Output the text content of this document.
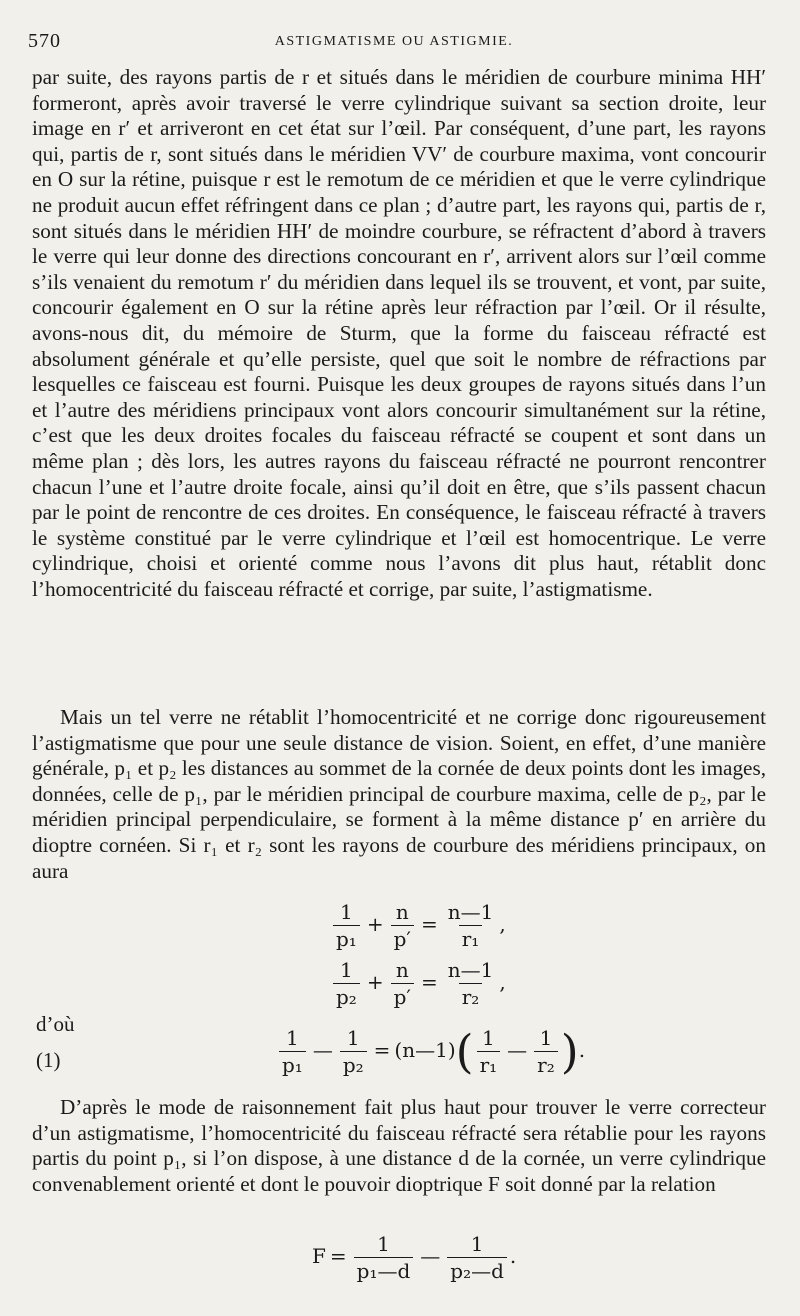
570	ASTIGMATISME OU ASTIGMIE.

par suite, des rayons partis de r et situés dans le méridien de courbure minima HH′ formeront, après avoir traversé le verre cylindrique suivant sa section droite, leur image en r′ et arriveront en cet état sur l’œil. Par conséquent, d’une part, les rayons qui, partis de r, sont situés dans le méridien VV′ de courbure maxima, vont concourir en O sur la rétine, puisque r est le remotum de ce méridien et que le verre cylindrique ne produit aucun effet réfringent dans ce plan ; d’autre part, les rayons qui, partis de r, sont situés dans le méridien HH′ de moindre courbure, se réfractent d’abord à travers le verre qui leur donne des directions concourant en r′, arrivent alors sur l’œil comme s’ils venaient du remotum r′ du méridien dans lequel ils se trouvent, et vont, par suite, concourir également en O sur la rétine après leur réfraction par l’œil. Or il résulte, avons-nous dit, du mémoire de Sturm, que la forme du faisceau réfracté est absolument générale et qu’elle persiste, quel que soit le nombre de réfractions par lesquelles ce faisceau est fourni. Puisque les deux groupes de rayons situés dans l’un et l’autre des méridiens principaux vont alors concourir simultanément sur la rétine, c’est que les deux droites focales du faisceau réfracté se coupent et sont dans un même plan ; dès lors, les autres rayons du faisceau réfracté ne pourront rencontrer chacun l’une et l’autre droite focale, ainsi qu’il doit en être, que s’ils passent chacun par le point de rencontre de ces droites. En conséquence, le faisceau réfracté à travers le système constitué par le verre cylindrique et l’œil est homocentrique. Le verre cylindrique, choisi et orienté comme nous l’avons dit plus haut, rétablit donc l’homocentricité du faisceau réfracté et corrige, par suite, l’astigmatisme.

Mais un tel verre ne rétablit l’homocentricité et ne corrige donc rigoureusement l’astigmatisme que pour une seule distance de vision. Soient, en effet, d’une manière générale, p₁ et p₂ les distances au sommet de la cornée de deux points dont les images, données, celle de p₁, par le méridien principal de courbure maxima, celle de p₂, par le méridien principal perpendiculaire, se forment à la même distance p′ en arrière du dioptre cornéen. Si r₁ et r₂ sont les rayons de courbure des méridiens principaux, on aura

$\frac{1}{\text{p₁}} + \frac{n}{p'} = \frac{n—1}{\text{r₁}}$ ,
$\frac{1}{\text{p₂}} + \frac{n}{p'} = \frac{n—1}{\text{r₂}}$ ,
d’où
(1)	$\frac{1}{\text{p₁}}$ — $\frac{1}{\text{p₂}}$ = (n—1)( $\frac{1}{\text{r₁}}$ — $\frac{1}{\text{r₂}}$ ).

D’après le mode de raisonnement fait plus haut pour trouver le verre correcteur d’un astigmatisme, l’homocentricité du faisceau réfracté sera rétablie pour les rayons partis du point p₁, si l’on dispose, à une distance d de la cornée, un verre cylindrique convenablement orienté et dont le pouvoir dioptrique F soit donné par la relation

$F = \frac{1}{\text{p₁—d}}$ — $\frac{1}{\text{p₂—d}}$ .
